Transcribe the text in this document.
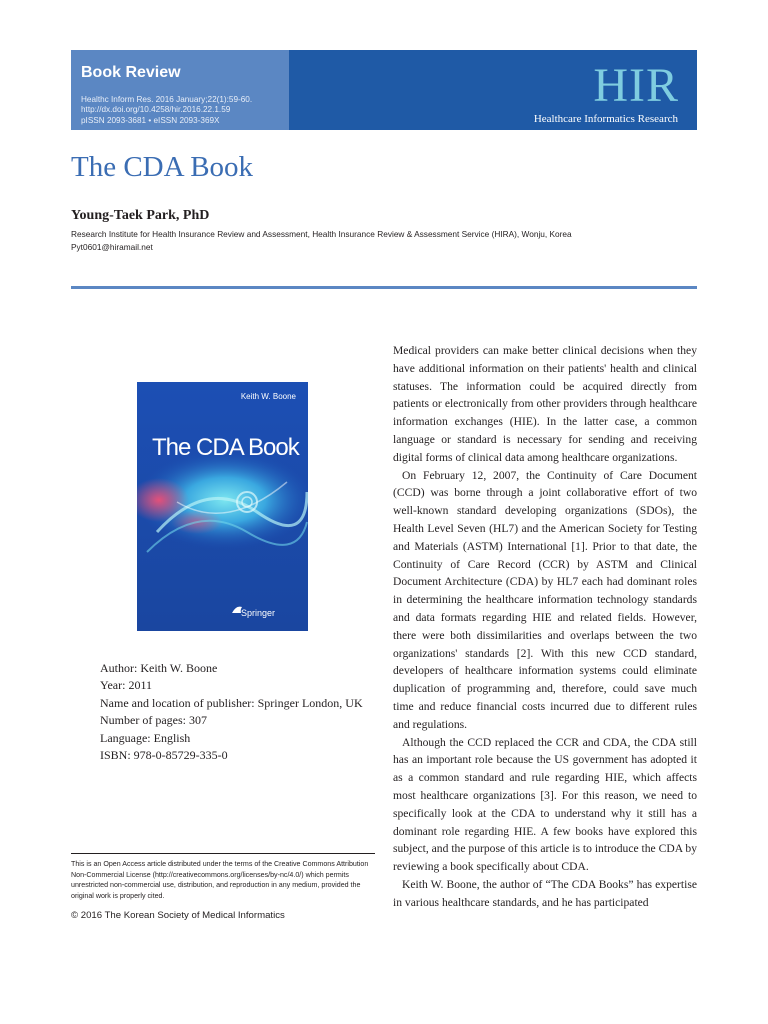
Book Review
Healthc Inform Res. 2016 January;22(1):59-60.
http://dx.doi.org/10.4258/hir.2016.22.1.59
pISSN 2093-3681 • eISSN 2093-369X
HIR
Healthcare Informatics Research
The CDA Book
Young-Taek Park, PhD
Research Institute for Health Insurance Review and Assessment, Health Insurance Review & Assessment Service (HIRA), Wonju, Korea
Pyt0601@hiramail.net
Keith W. Boone
The CDA Book
Springer
Author: Keith W. Boone
Year: 2011
Name and location of publisher: Springer London, UK
Number of pages: 307
Language: English
ISBN: 978-0-85729-335-0
This is an Open Access article distributed under the terms of the Creative Commons Attribution Non-Commercial License (http://creativecommons.org/licenses/by-nc/4.0/) which permits unrestricted non-commercial use, distribution, and reproduction in any medium, provided the original work is properly cited.
© 2016 The Korean Society of Medical Informatics

Medical providers can make better clinical decisions when they have additional information on their patients' health and clinical statuses. The information could be acquired directly from patients or electronically from other providers through healthcare information exchanges (HIE). In the latter case, a common language or standard is necessary for sending and receiving digital forms of clinical data among healthcare organizations.

On February 12, 2007, the Continuity of Care Document (CCD) was borne through a joint collaborative effort of two well-known standard developing organizations (SDOs), the Health Level Seven (HL7) and the American Society for Testing and Materials (ASTM) International [1]. Prior to that date, the Continuity of Care Record (CCR) by ASTM and Clinical Document Architecture (CDA) by HL7 each had dominant roles in determining the healthcare information technology standards and data formats regarding HIE and related fields. However, there were both dissimilarities and overlaps between the two organizations' standards [2]. With this new CCD standard, developers of healthcare information systems could eliminate duplication of programming and, therefore, could save much time and reduce financial costs incurred due to different rules and regulations.

Although the CCD replaced the CCR and CDA, the CDA still has an important role because the US government has adopted it as a common standard and rule regarding HIE, which affects most healthcare organizations [3]. For this reason, we need to specifically look at the CDA to understand why it still has a dominant role regarding HIE. A few books have explored this subject, and the purpose of this article is to introduce the CDA by reviewing a book specifically about CDA.

Keith W. Boone, the author of “The CDA Books” has expertise in various healthcare standards, and he has participated
